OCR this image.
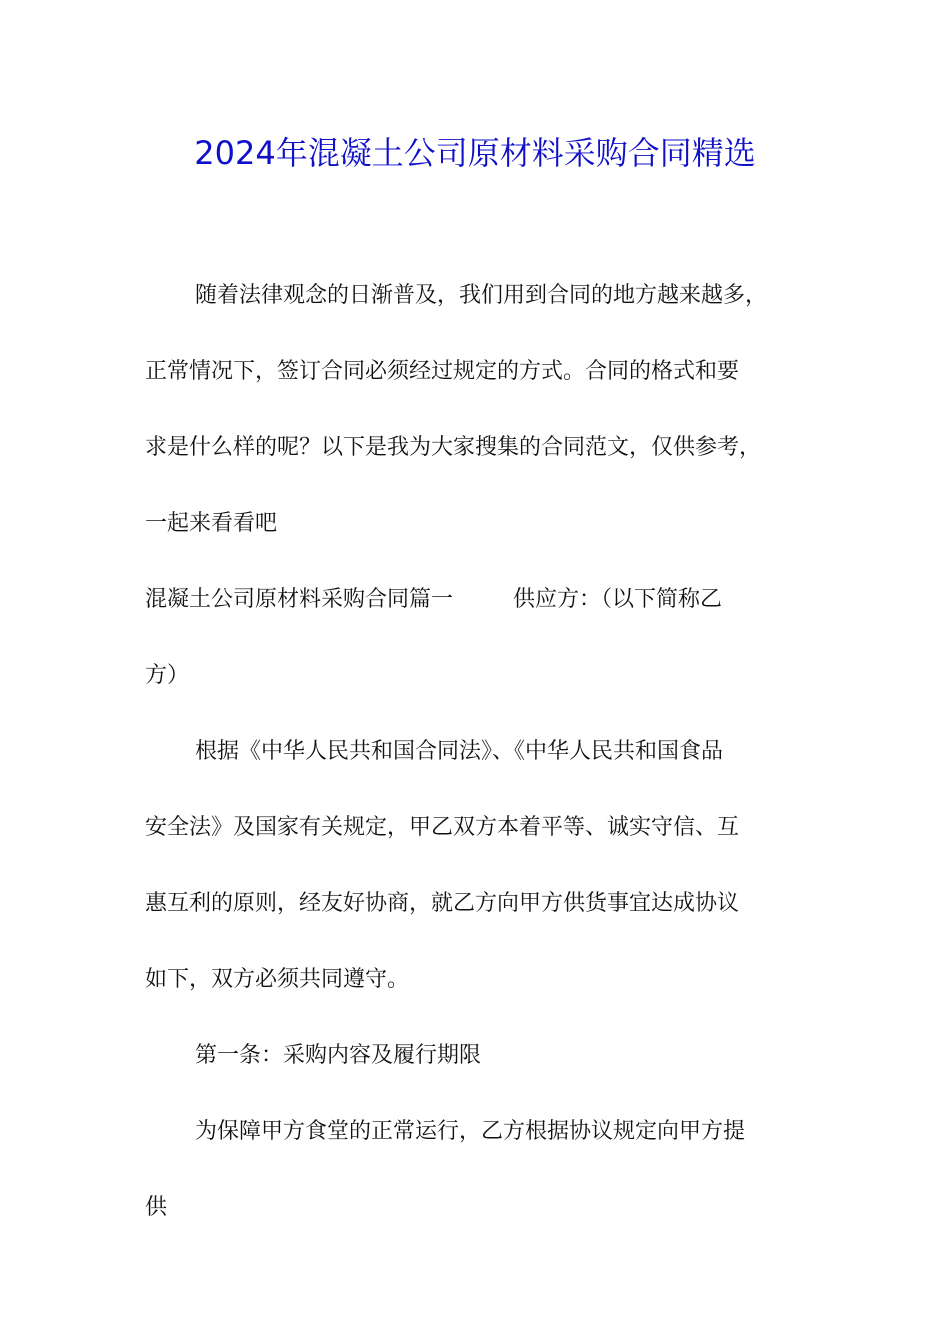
2024年混凝土公司原材料采购合同精选
随着法律观念的日渐普及，我们用到合同的地方越来越多，
正常情况下，签订合同必须经过规定的方式。合同的格式和要
求是什么样的呢？以下是我为大家搜集的合同范文，仅供参考，
一起来看看吧
混凝土公司原材料采购合同篇一	供应方：（以下简称乙
方）
根据《中华人民共和国合同法》、《中华人民共和国食品
安全法》及国家有关规定，甲乙双方本着平等、诚实守信、互
惠互利的原则，经友好协商，就乙方向甲方供货事宜达成协议
如下，双方必须共同遵守。
第一条：采购内容及履行期限
为保障甲方食堂的正常运行，乙方根据协议规定向甲方提
供
